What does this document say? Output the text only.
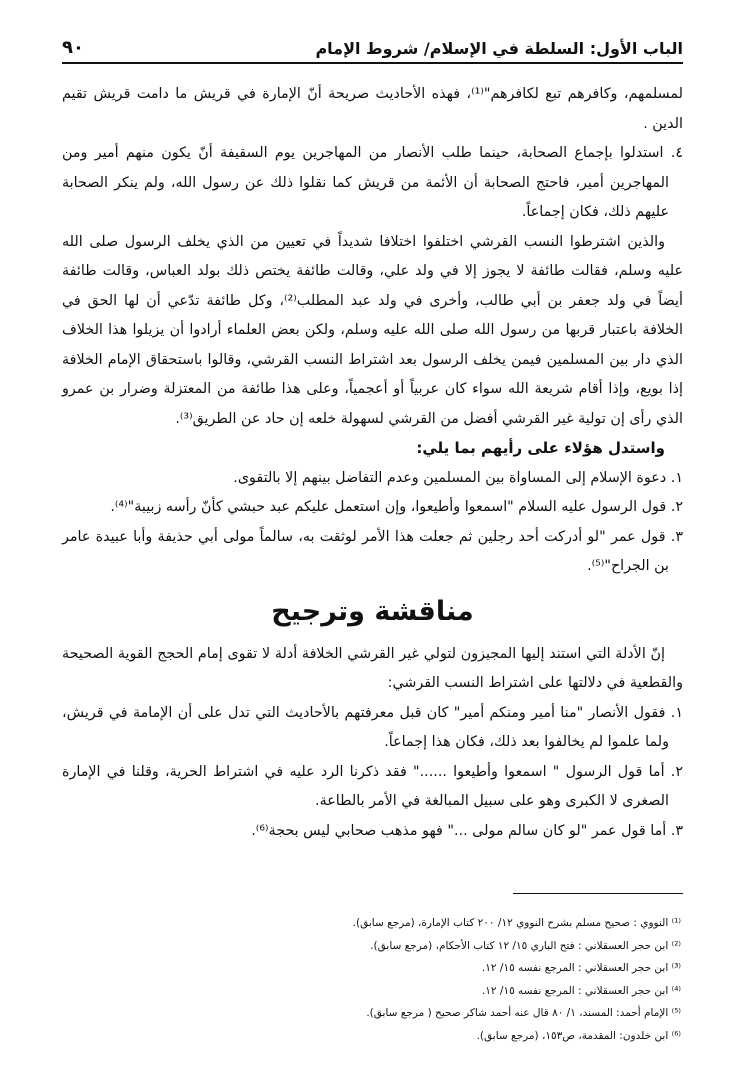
الباب الأول: السلطة في الإسلام/ شروط الإمام
٩٠

لمسلمهم، وكافرهم تبع لكافرهم"⁽¹⁾، فهذه الأحاديث صريحة أنّ الإمارة في قريش ما دامت قريش تقيم الدين .

٤. استدلوا بإجماع الصحابة، حينما طلب الأنصار من المهاجرين يوم السقيفة أنّ يكون منهم أمير ومن المهاجرين أمير، فاحتج الصحابة أن الأئمة من قريش كما نقلوا ذلك عن رسول الله، ولم ينكر الصحابة عليهم ذلك، فكان إجماعاً.

والذين اشترطوا النسب القرشي اختلفوا اختلافا شديداً في تعيين من الذي يخلف الرسول صلى الله عليه وسلم، فقالت طائفة لا يجوز إلا في ولد علي، وقالت طائفة يختص ذلك بولد العباس، وقالت طائفة أيضاً في ولد جعفر بن أبي طالب، وأخرى في ولد عبد المطلب⁽²⁾، وكل طائفة تدّعي أن لها الحق في الخلافة باعتبار قربها من رسول الله صلى الله عليه وسلم، ولكن بعض العلماء أرادوا أن يزيلوا هذا الخلاف الذي دار بين المسلمين فيمن يخلف الرسول بعد اشتراط النسب القرشي، وقالوا باستحقاق الإمام الخلافة إذا بويع، وإذا أقام شريعة الله سواء كان عربياً أو أعجمياً، وعلى هذا طائفة من المعتزلة وضرار بن عمرو الذي رأى إن تولية غير القرشي أفضل من القرشي لسهولة خلعه إن حاد عن الطريق⁽³⁾.

واستدل هؤلاء على رأيهم بما يلي:

١. دعوة الإسلام إلى المساواة بين المسلمين وعدم التفاضل بينهم إلا بالتقوى.

٢. قول الرسول عليه السلام "اسمعوا وأطيعوا، وإن استعمل عليكم عبد حبشي كأنّ رأسه زبيبة"⁽⁴⁾.

٣. قول عمر "لو أدركت أحد رجلين ثم جعلت هذا الأمر لوثقت به، سالماً مولى أبي حذيفة وأبا عبيدة عامر بن الجراح"⁽⁵⁾.

مناقشة وترجيح

إنّ الأدلة التي استند إليها المجيزون لتولي غير القرشي الخلافة أدلة لا تقوى إمام الحجج القوية الصحيحة والقطعية في دلالتها على اشتراط النسب القرشي:

١. فقول الأنصار "منا أمير ومنكم أمير" كان قبل معرفتهم بالأحاديث التي تدل على أن الإمامة في قريش، ولما علموا لم يخالفوا بعد ذلك، فكان هذا إجماعاً.

٢. أما قول الرسول " اسمعوا وأطيعوا ......" فقد ذكرنا الرد عليه في اشتراط الحرية، وقلنا في الإمارة الصغرى لا الكبرى وهو على سبيل المبالغة في الأمر بالطاعة.

٣. أما قول عمر "لو كان سالم مولى ..." فهو مذهب صحابي ليس بحجة⁽⁶⁾.

⁽¹⁾ النووي : صحيح مسلم بشرح النووي ١٢/ ٢٠٠ كتاب الإمارة، (مرجع سابق).

⁽²⁾ ابن حجر العسقلاني : فتح الباري ١٥/ ١٢ كتاب الأحكام، (مرجع سابق).

⁽³⁾ ابن حجر العسقلاني : المرجع نفسه ١٥/ ١٢.

⁽⁴⁾ ابن حجر العسقلاني : المرجع نفسه ١٥/ ١٢.

⁽⁵⁾ الإمام أحمد: المسند، ١/ ٨٠ قال عنه أحمد شاكر صحيح ( مرجع سابق).

⁽⁶⁾ ابن خلدون: المقدمة، ص١٥٣، (مرجع سابق).
